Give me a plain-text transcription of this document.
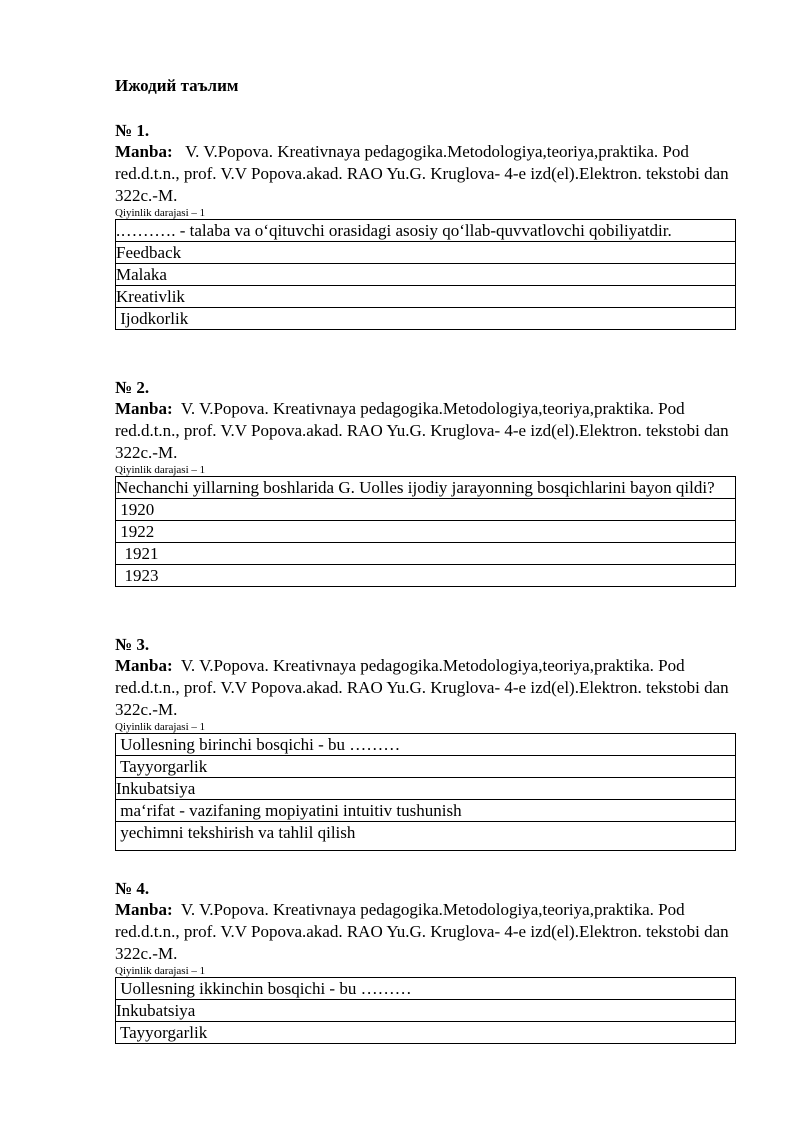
Ижодий таълим
№ 1.

Manba: V. V.Popova. Kreativnaya pedagogika.Metodologiya,teoriya,praktika. Pod red.d.t.n., prof. V.V Popova.akad. RAO Yu.G. Kruglova- 4-e izd(el).Elektron. tekstobi dan 322c.-M.

Qiyinlik darajasi – 1
.………. - talaba va o‘qituvchi orasidagi asosiy qo‘llab-quvvatlovchi qobiliyatdir.
Feedback
Malaka
Kreativlik
Ijodkorlik
№ 2.

Manba: V. V.Popova. Kreativnaya pedagogika.Metodologiya,teoriya,praktika. Pod red.d.t.n., prof. V.V Popova.akad. RAO Yu.G. Kruglova- 4-e izd(el).Elektron. tekstobi dan 322c.-M.

Qiyinlik darajasi – 1
Nechanchi yillarning boshlarida G. Uolles ijodiy jarayonning bosqichlarini bayon qildi?
1920
1922
1921
1923
№ 3.

Manba: V. V.Popova. Kreativnaya pedagogika.Metodologiya,teoriya,praktika. Pod red.d.t.n., prof. V.V Popova.akad. RAO Yu.G. Kruglova- 4-e izd(el).Elektron. tekstobi dan 322c.-M.

Qiyinlik darajasi – 1
Uollesning birinchi bosqichi - bu ………
Tayyorgarlik
Inkubatsiya
ma‘rifat - vazifaning mopiyatini intuitiv tushunish
yechimni tekshirish va tahlil qilish
№ 4.

Manba: V. V.Popova. Kreativnaya pedagogika.Metodologiya,teoriya,praktika. Pod red.d.t.n., prof. V.V Popova.akad. RAO Yu.G. Kruglova- 4-e izd(el).Elektron. tekstobi dan 322c.-M.

Qiyinlik darajasi – 1
Uollesning ikkinchin bosqichi - bu ………
Inkubatsiya
Tayyorgarlik
